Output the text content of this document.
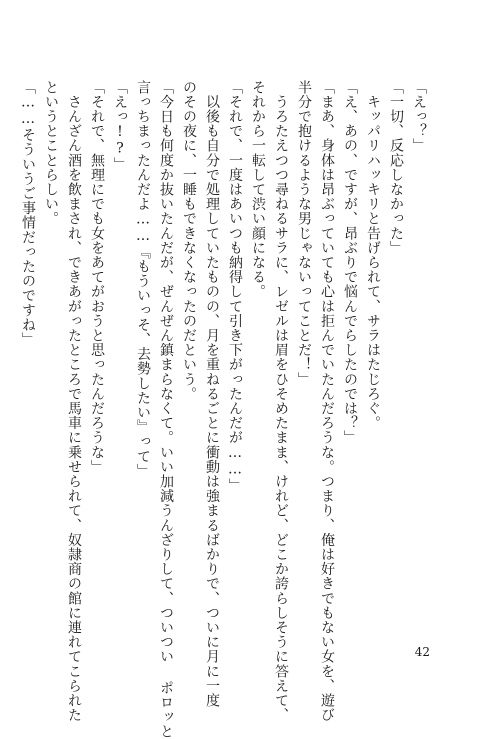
「えっ？」
「一切、反応しなかった」
　キッパリハッキリと告げられて、サラはたじろぐ。
「え、あの、ですが、昂ぶりで悩んでらしたのでは？」
「まあ、身体は昂ぶっていても心は拒んでいたんだろうな。つまり、俺は好きでもない女を、遊び
半分で抱けるような男じゃないってことだ！」
　うろたえつつ尋ねるサラに、レゼルは眉をひそめたまま、けれど、どこか誇らしそうに答えて、
それから一転して渋い顔になる。
「それで、一度はあいつも納得して引き下がったんだが……」
　以後も自分で処理していたものの、月を重ねるごとに衝動は強まるばかりで、ついに月に一度
のその夜に、一睡もできなくなったのだという。
「今日も何度か抜いたんだが、ぜんぜん鎮まらなくて。いい加減うんざりして、ついつい ポロッと
言っちまったんだよ……『もういっそ、去勢したい』って」
「えっ!?」
「それで、無理にでも女をあてがおうと思ったんだろうな」
　さんざん酒を飲まされ、できあがったところで馬車に乗せられて、奴隷商の館に連れてこられた
というとことらしい。
「……そういうご事情だったのですね」
42
